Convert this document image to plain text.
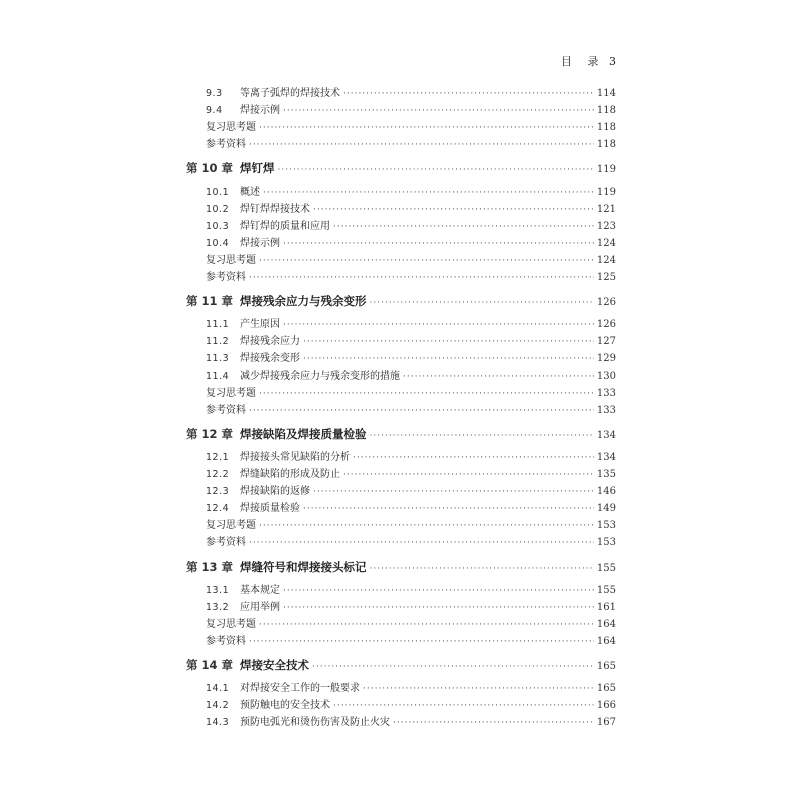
目 录 3
9.3	等离子弧焊的焊接技术 ·····	114
9.4	焊接示例 ·····	118
复习思考题 ·····	118
参考资料 ·····	118
第 10 章 焊钉焊 ·····	119
10.1	概述 ·····	119
10.2	焊钉焊焊接技术 ·····	121
10.3	焊钉焊的质量和应用 ·····	123
10.4	焊接示例 ·····	124
复习思考题 ·····	124
参考资料 ·····	125
第 11 章 焊接残余应力与残余变形 ·····	126
11.1	产生原因 ·····	126
11.2	焊接残余应力 ·····	127
11.3	焊接残余变形 ·····	129
11.4	减少焊接残余应力与残余变形的措施 ·····	130
复习思考题 ·····	133
参考资料 ·····	133
第 12 章 焊接缺陷及焊接质量检验 ·····	134
12.1	焊接接头常见缺陷的分析 ·····	134
12.2	焊缝缺陷的形成及防止 ·····	135
12.3	焊接缺陷的返修 ·····	146
12.4	焊接质量检验 ·····	149
复习思考题 ·····	153
参考资料 ·····	153
第 13 章 焊缝符号和焊接接头标记 ·····	155
13.1	基本规定 ·····	155
13.2	应用举例 ·····	161
复习思考题 ·····	164
参考资料 ·····	164
第 14 章 焊接安全技术 ·····	165
14.1	对焊接安全工作的一般要求 ·····	165
14.2	预防触电的安全技术 ·····	166
14.3	预防电弧光和烫伤伤害及防止火灾 ·····	167
